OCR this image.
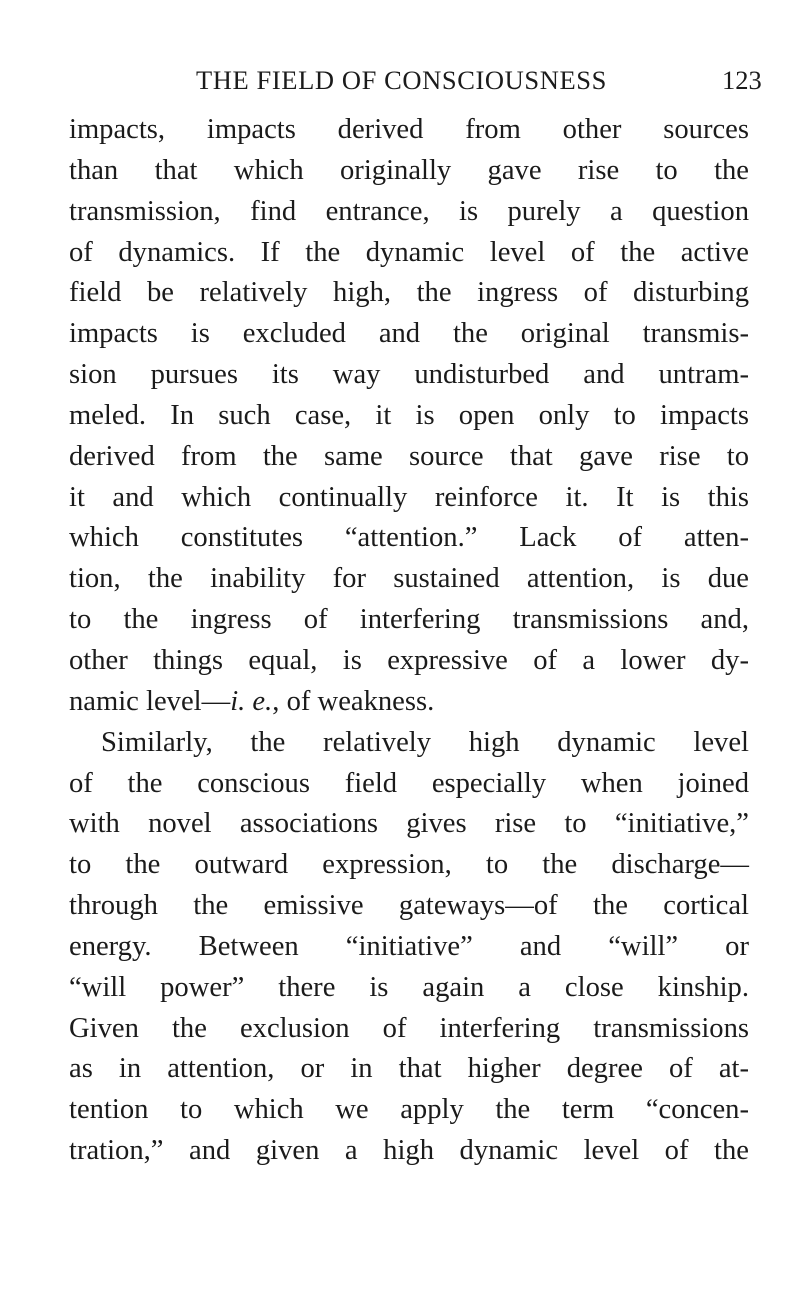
THE FIELD OF CONSCIOUSNESS	123
impacts, impacts derived from other sources
than that which originally gave rise to the
transmission, find entrance, is purely a question
of dynamics. If the dynamic level of the active
field be relatively high, the ingress of disturbing
impacts is excluded and the original transmis-
sion pursues its way undisturbed and untram-
meled. In such case, it is open only to impacts
derived from the same source that gave rise to
it and which continually reinforce it. It is this
which constitutes “attention.” Lack of atten-
tion, the inability for sustained attention, is due
to the ingress of interfering transmissions and,
other things equal, is expressive of a lower dy-
namic level—i. e., of weakness.
Similarly, the relatively high dynamic level
of the conscious field especially when joined
with novel associations gives rise to “initiative,”
to the outward expression, to the discharge—
through the emissive gateways—of the cortical
energy. Between “initiative” and “will” or
“will power” there is again a close kinship.
Given the exclusion of interfering transmissions
as in attention, or in that higher degree of at-
tention to which we apply the term “concen-
tration,” and given a high dynamic level of the
